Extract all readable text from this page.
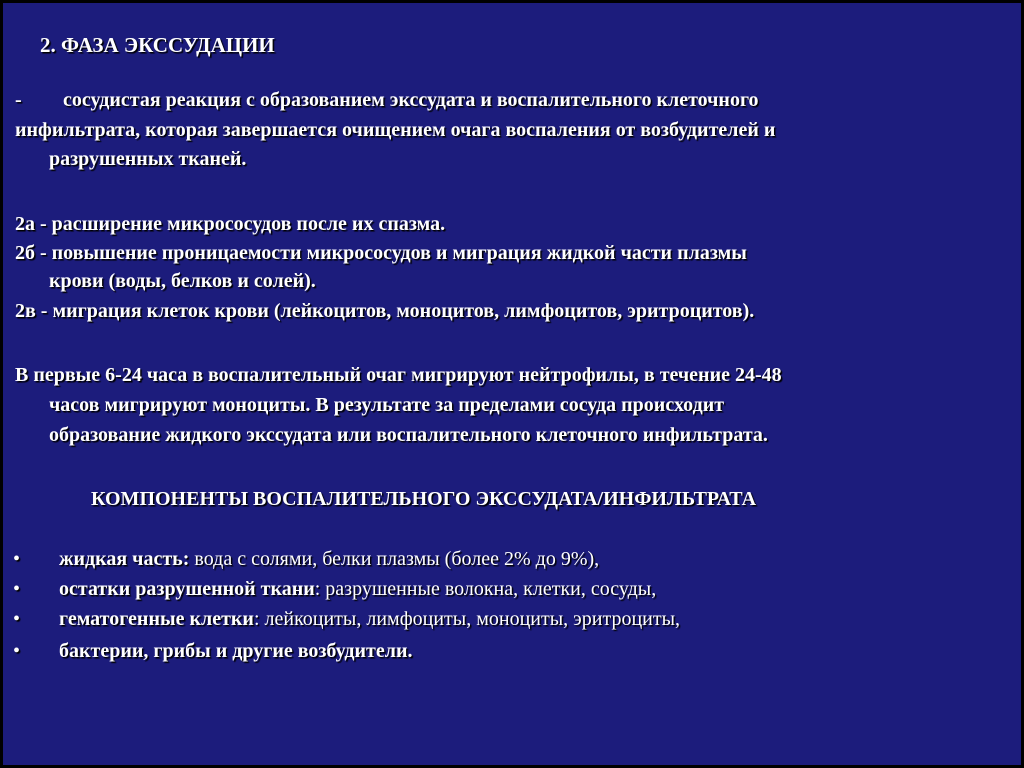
2. ФАЗА ЭКССУДАЦИИ
- сосудистая реакция с образованием экссудата и воспалительного клеточного
инфильтрата, которая завершается очищением очага воспаления от возбудителей и
разрушенных тканей.
2а - расширение микрососудов после их спазма.
2б - повышение проницаемости микрососудов и миграция жидкой части плазмы
крови (воды, белков и солей).
2в - миграция клеток крови (лейкоцитов, моноцитов, лимфоцитов, эритроцитов).
В первые 6-24 часа в воспалительный очаг мигрируют нейтрофилы, в течение 24-48
часов мигрируют моноциты. В результате за пределами сосуда происходит
образование жидкого экссудата или воспалительного клеточного инфильтрата.
КОМПОНЕНТЫ ВОСПАЛИТЕЛЬНОГО ЭКССУДАТА/ИНФИЛЬТРАТА
• жидкая часть: вода с солями, белки плазмы (более 2% до 9%),
• остатки разрушенной ткани: разрушенные волокна, клетки, сосуды,
• гематогенные клетки: лейкоциты, лимфоциты, моноциты, эритроциты,
• бактерии, грибы и другие возбудители.
